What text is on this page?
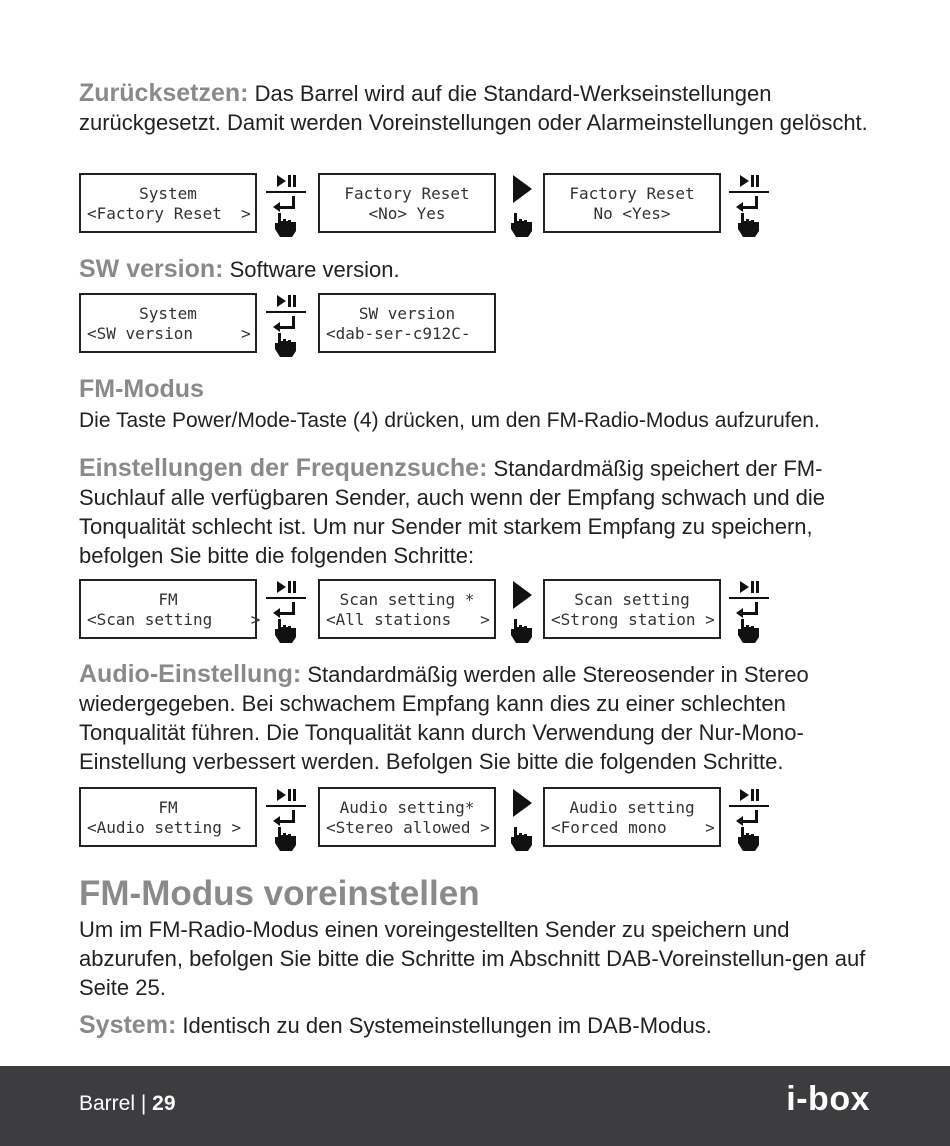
Zurücksetzen: Das Barrel wird auf die Standard-Werkseinstellungen zurückgesetzt. Damit werden Voreinstellungen oder Alarmeinstellungen gelöscht.

System
<Factory Reset  >
Factory Reset
<No> Yes
Factory Reset
No <Yes>

SW version: Software version.

System
<SW version     >
SW version
<dab-ser-c912C-

FM-Modus

Die Taste Power/Mode-Taste (4) drücken, um den FM-Radio-Modus aufzurufen.

Einstellungen der Frequenzsuche: Standardmäßig speichert der FM-Suchlauf alle verfügbaren Sender, auch wenn der Empfang schwach und die Tonqualität schlecht ist. Um nur Sender mit starkem Empfang zu speichern, befolgen Sie bitte die folgenden Schritte:

FM
<Scan setting    >
Scan setting *
<All stations   >
Scan setting
<Strong station >

Audio-Einstellung: Standardmäßig werden alle Stereosender in Stereo wiedergegeben. Bei schwachem Empfang kann dies zu einer schlechten Tonqualität führen. Die Tonqualität kann durch Verwendung der Nur-Mono-Einstellung verbessert werden. Befolgen Sie bitte die folgenden Schritte.

FM
<Audio setting >
Audio setting*
<Stereo allowed >
Audio setting
<Forced mono    >
FM-Modus voreinstellen

Um im FM-Radio-Modus einen voreingestellten Sender zu speichern und abzurufen, befolgen Sie bitte die Schritte im Abschnitt DAB-Voreinstellun-gen auf Seite 25.

System: Identisch zu den Systemeinstellungen im DAB-Modus.

Barrel | 29	i-box
